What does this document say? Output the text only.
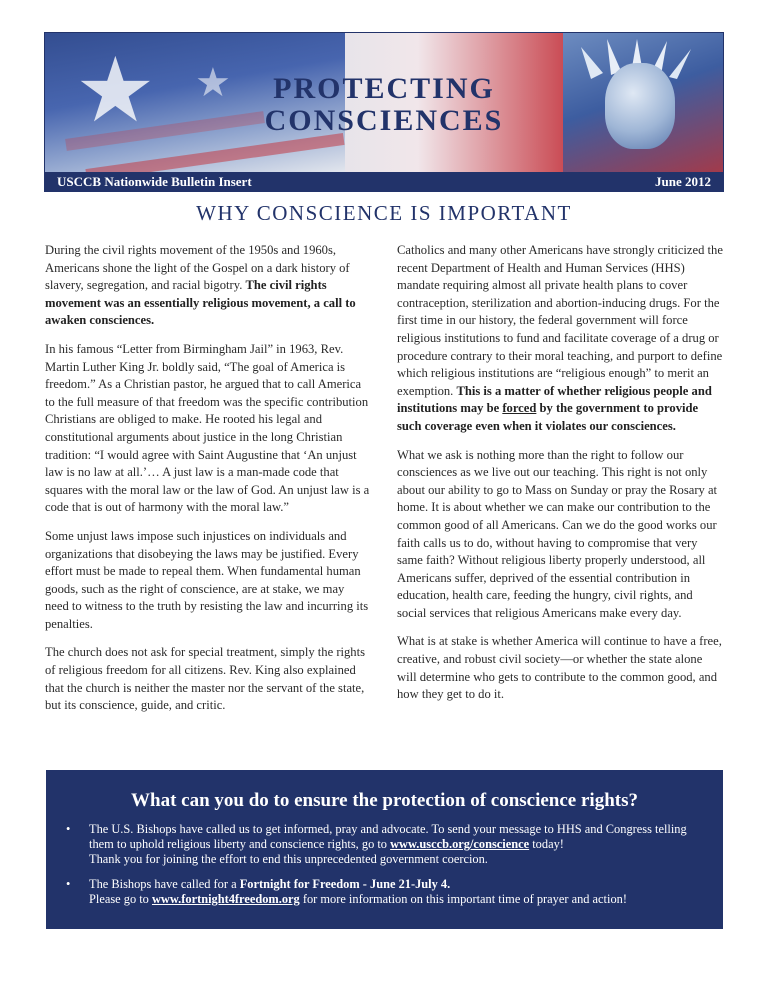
★ ★	PROTECTING
CONSCIENCES
USCCB Nationwide Bulletin Insert	June 2012
WHY CONSCIENCE IS IMPORTANT

During the civil rights movement of the 1950s and 1960s, Americans shone the light of the Gospel on a dark history of slavery, segregation, and racial bigotry. The civil rights movement was an essentially religious movement, a call to awaken consciences.

In his famous “Letter from Birmingham Jail” in 1963, Rev. Martin Luther King Jr. boldly said, “The goal of America is freedom.” As a Christian pastor, he argued that to call America to the full measure of that freedom was the specific contribution Christians are obliged to make. He rooted his legal and constitutional arguments about justice in the long Christian tradition: “I would agree with Saint Augustine that ‘An unjust law is no law at all.’… A just law is a man-made code that squares with the moral law or the law of God. An unjust law is a code that is out of harmony with the moral law.”

Some unjust laws impose such injustices on individuals and organizations that disobeying the laws may be justified. Every effort must be made to repeal them. When fundamental human goods, such as the right of conscience, are at stake, we may need to witness to the truth by resisting the law and incurring its penalties.

The church does not ask for special treatment, simply the rights of religious freedom for all citizens. Rev. King also explained that the church is neither the master nor the servant of the state, but its conscience, guide, and critic.

Catholics and many other Americans have strongly criticized the recent Department of Health and Human Services (HHS) mandate requiring almost all private health plans to cover contraception, sterilization and abortion-inducing drugs. For the first time in our history, the federal government will force religious institutions to fund and facilitate coverage of a drug or procedure contrary to their moral teaching, and purport to define which religious institutions are “religious enough” to merit an exemption. This is a matter of whether religious people and institutions may be forced by the government to provide such coverage even when it violates our consciences.

What we ask is nothing more than the right to follow our consciences as we live out our teaching. This right is not only about our ability to go to Mass on Sunday or pray the Rosary at home. It is about whether we can make our contribution to the common good of all Americans. Can we do the good works our faith calls us to do, without having to compromise that very same faith? Without religious liberty properly understood, all Americans suffer, deprived of the essential contribution in education, health care, feeding the hungry, civil rights, and social services that religious Americans make every day.

What is at stake is whether America will continue to have a free, creative, and robust civil society—or whether the state alone will determine who gets to contribute to the common good, and how they get to do it.

What can you do to ensure the protection of conscience rights?
• The U.S. Bishops have called us to get informed, pray and advocate. To send your message to HHS and Congress telling them to uphold religious liberty and conscience rights, go to www.usccb.org/conscience today!
Thank you for joining the effort to end this unprecedented government coercion.
• The Bishops have called for a Fortnight for Freedom - June 21-July 4.
Please go to www.fortnight4freedom.org for more information on this important time of prayer and action!
